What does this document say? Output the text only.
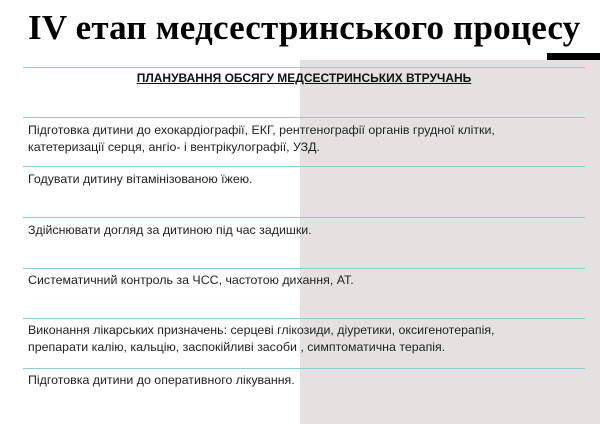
IV етап медсестринського процесу
ПЛАНУВАННЯ ОБСЯГУ МЕДСЕСТРИНСЬКИХ ВТРУЧАНЬ
Підготовка дитини до ехокардіографії, ЕКГ, рентгенографії органів грудної клітки,
катетеризації серця, ангіо- і вентрікулографії, УЗД.
Годувати дитину вітамінізованою їжею.
Здійснювати догляд за дитиною під час задишки.
Систематичний контроль за ЧСС, частотою дихання, АТ.
Виконання лікарських призначень: серцеві глікозиди, діуретики, оксигенотерапія,
препарати калію, кальцію, заспокійливі засоби , симптоматична терапія.
Підготовка дитини до оперативного лікування.
